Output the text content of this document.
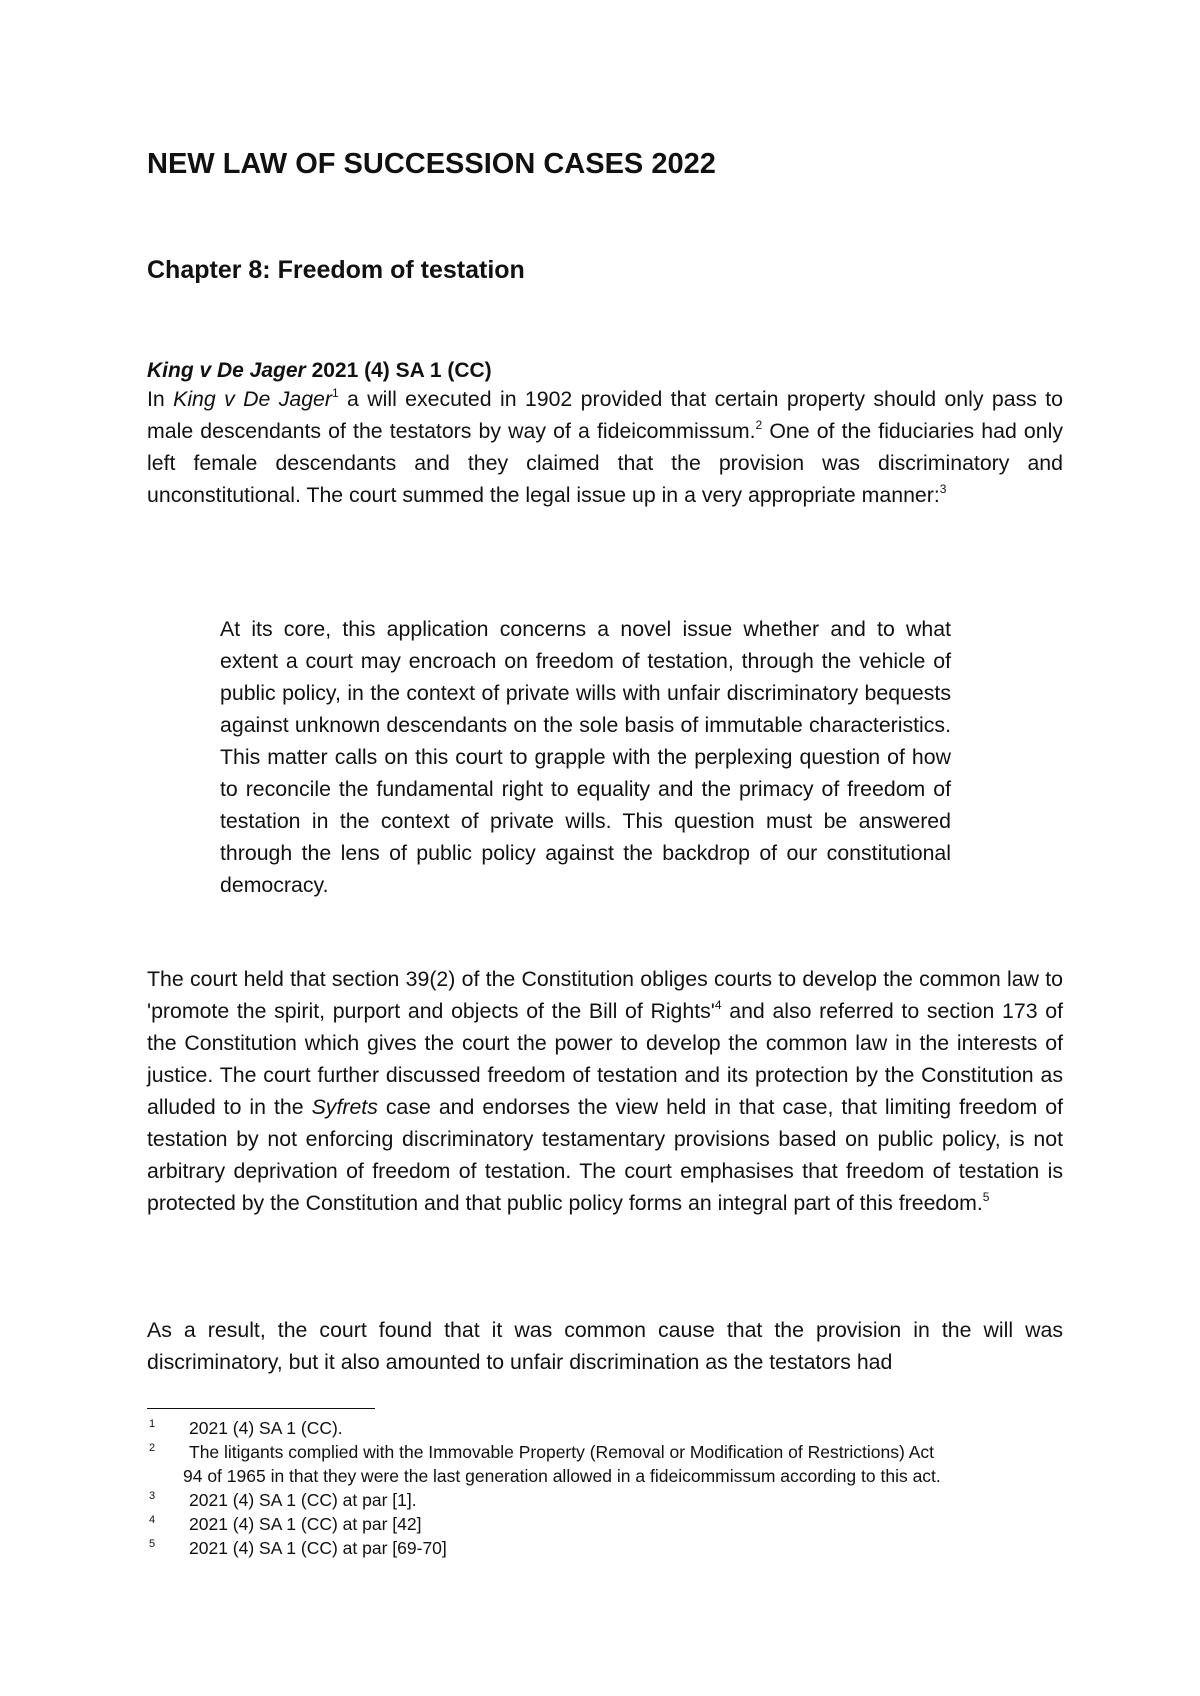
NEW LAW OF SUCCESSION CASES 2022
Chapter 8: Freedom of testation

King v De Jager 2021 (4) SA 1 (CC)

In King v De Jager$^1$ a will executed in 1902 provided that certain property should only pass to male descendants of the testators by way of a fideicommissum.$^2$ One of the fiduciaries had only left female descendants and they claimed that the provision was discriminatory and unconstitutional. The court summed the legal issue up in a very appropriate manner:$^3$

At its core, this application concerns a novel issue whether and to what extent a court may encroach on freedom of testation, through the vehicle of public policy, in the context of private wills with unfair discriminatory bequests against unknown descendants on the sole basis of immutable characteristics. This matter calls on this court to grapple with the perplexing question of how to reconcile the fundamental right to equality and the primacy of freedom of testation in the context of private wills. This question must be answered through the lens of public policy against the backdrop of our constitutional democracy.

The court held that section 39(2) of the Constitution obliges courts to develop the common law to 'promote the spirit, purport and objects of the Bill of $Rights'^4$ and also referred to section 173 of the Constitution which gives the court the power to develop the common law in the interests of justice. The court further discussed freedom of testation and its protection by the Constitution as alluded to in the Syfrets case and endorses the view held in that case, that limiting freedom of testation by not enforcing discriminatory testamentary provisions based on public policy, is not arbitrary deprivation of freedom of testation. The court emphasises that freedom of testation is protected by the Constitution and that public policy forms an integral part of this freedom.$^5$

As a result, the court found that it was common cause that the provision in the will was discriminatory, but it also amounted to unfair discrimination as the testators had

1 2021 (4) SA 1 (CC).

2 The litigants complied with the Immovable Property (Removal or Modification of Restrictions) Act
94 of 1965 in that they were the last generation allowed in a fideicommissum according to this act.

3 2021 (4) SA 1 (CC) at par [1].

4 2021 (4) SA 1 (CC) at par [42]

5 2021 (4) SA 1 (CC) at par [69-70]
